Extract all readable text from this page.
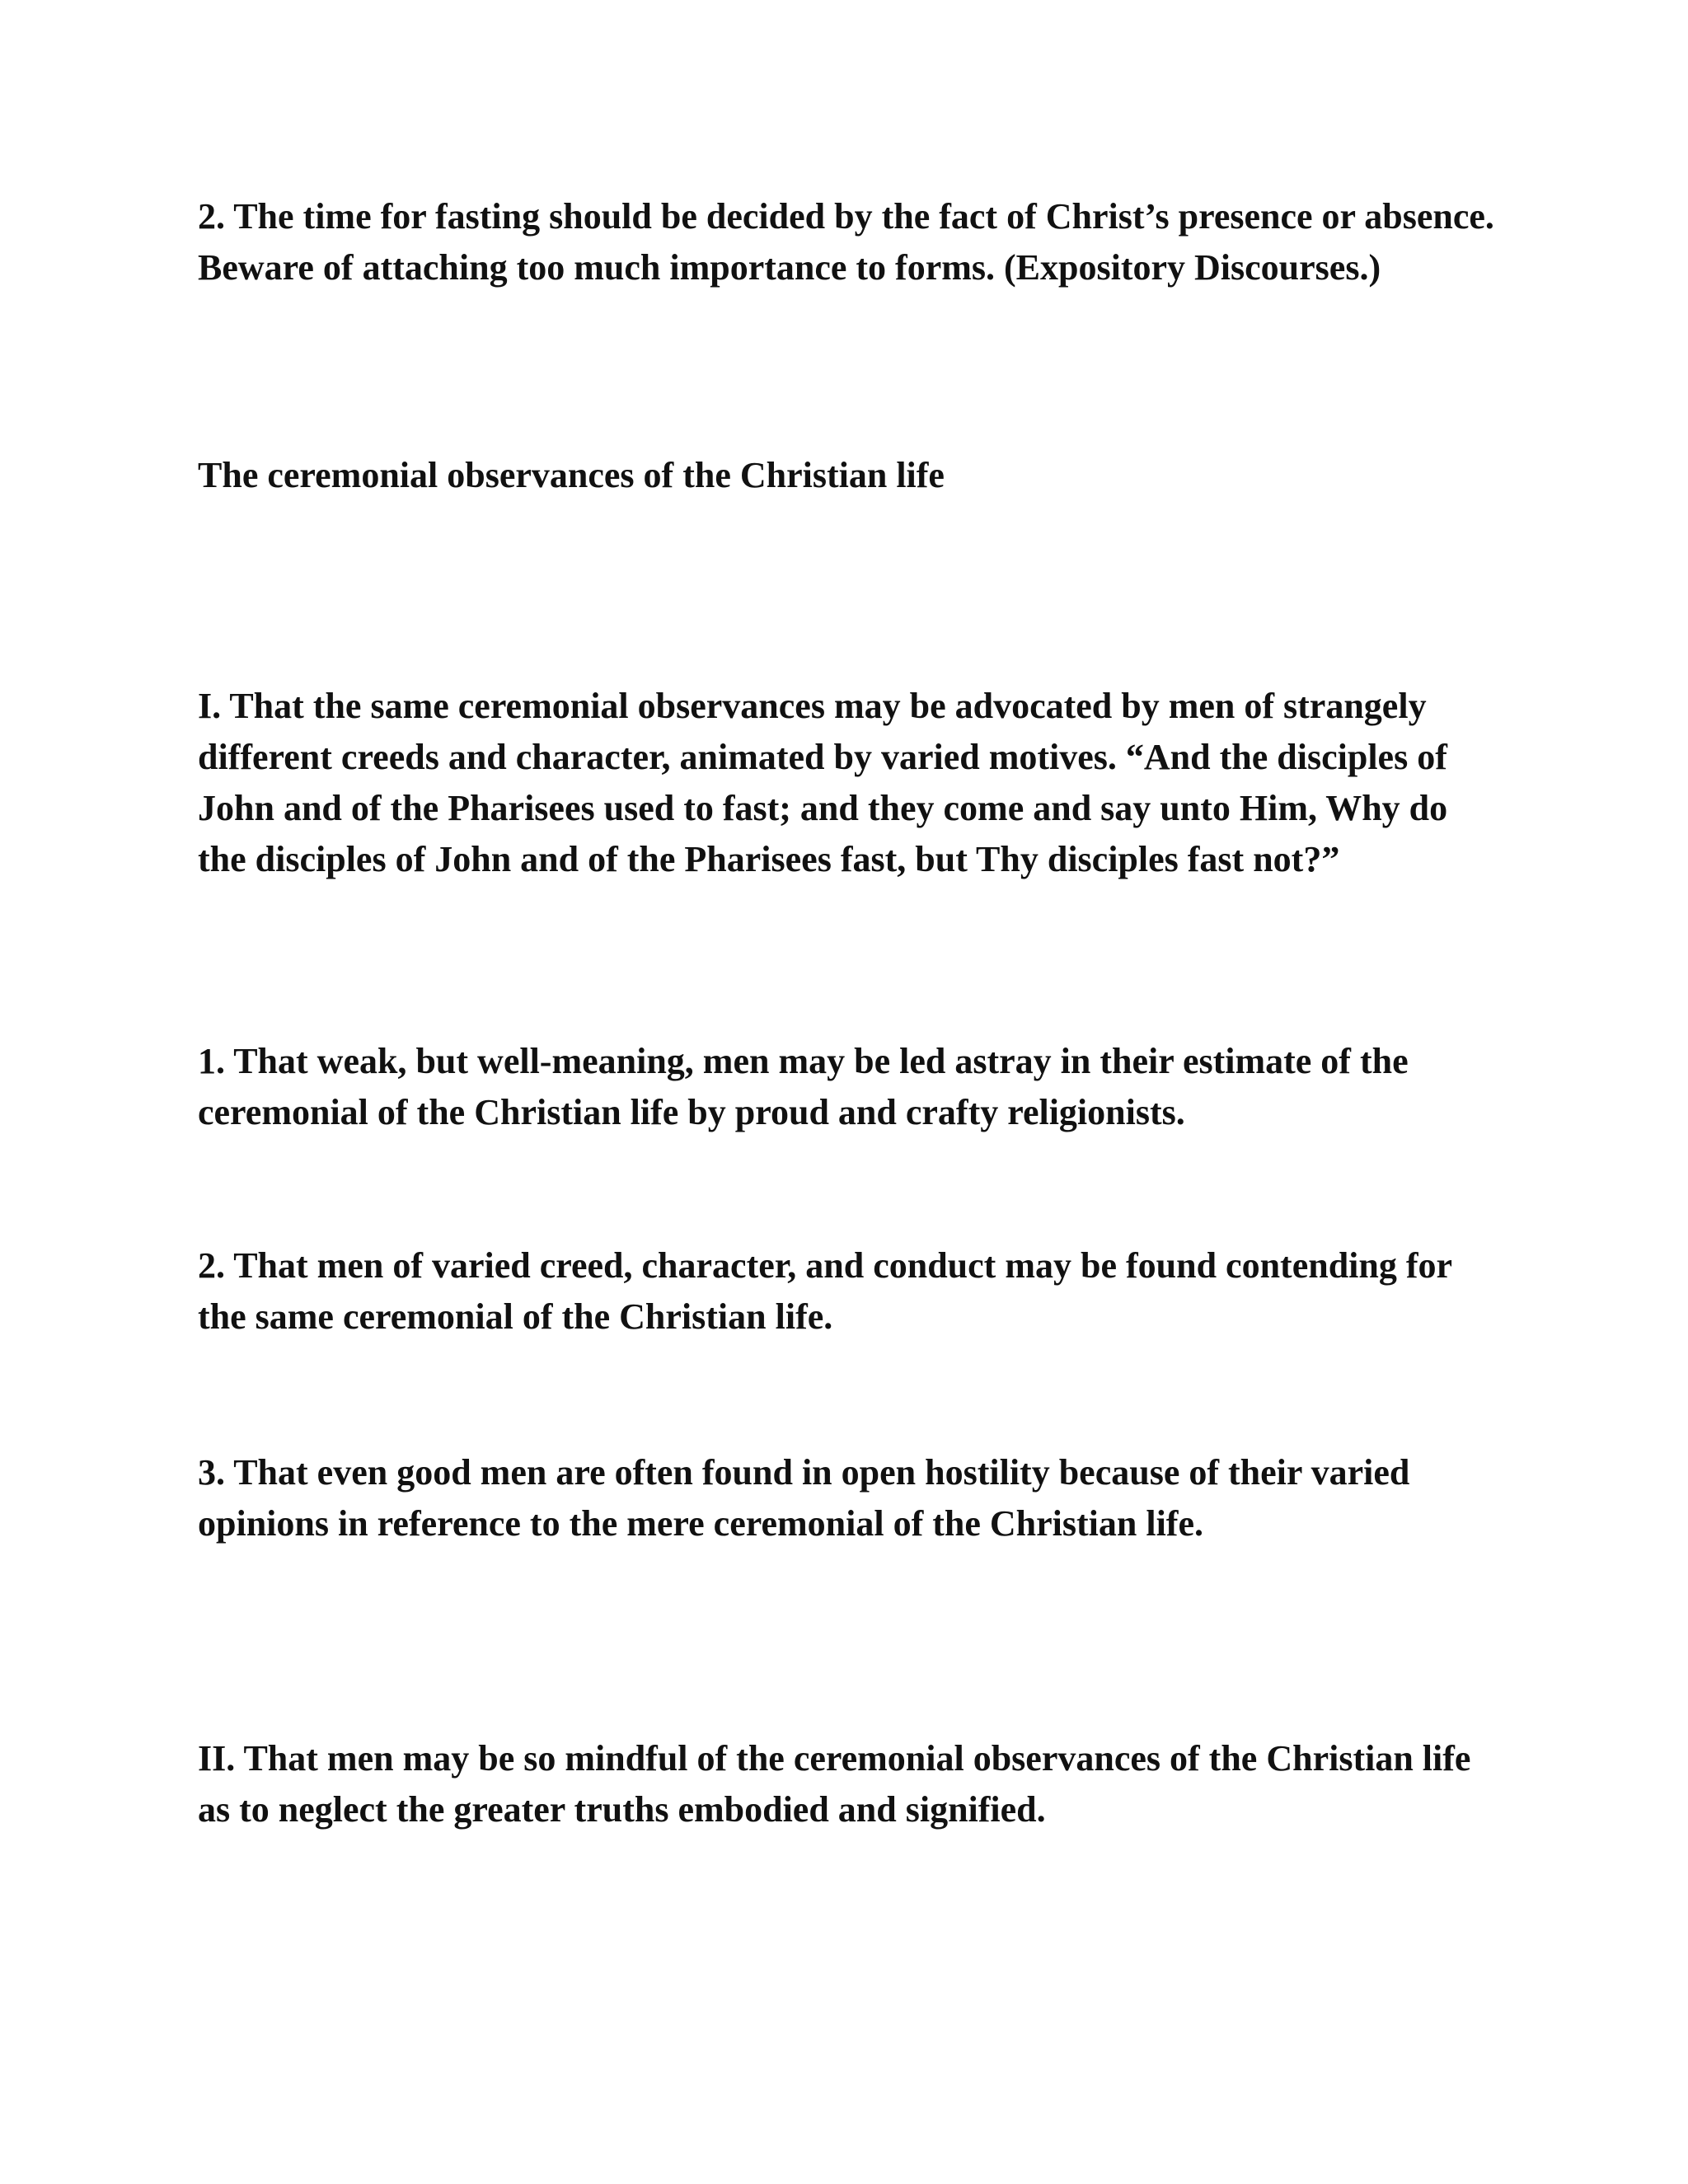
2. The time for fasting should be decided by the fact of Christ’s presence or absence. Beware of attaching too much importance to forms. (Expository Discourses.)

The ceremonial observances of the Christian life

I. That the same ceremonial observances may be advocated by men of strangely different creeds and character, animated by varied motives. “And the disciples of John and of the Pharisees used to fast; and they come and say unto Him, Why do the disciples of John and of the Pharisees fast, but Thy disciples fast not?”

1. That weak, but well-meaning, men may be led astray in their estimate of the ceremonial of the Christian life by proud and crafty religionists.

2. That men of varied creed, character, and conduct may be found contending for the same ceremonial of the Christian life.

3. That even good men are often found in open hostility because of their varied opinions in reference to the mere ceremonial of the Christian life.

II. That men may be so mindful of the ceremonial observances of the Christian life as to neglect the greater truths embodied and signified.
